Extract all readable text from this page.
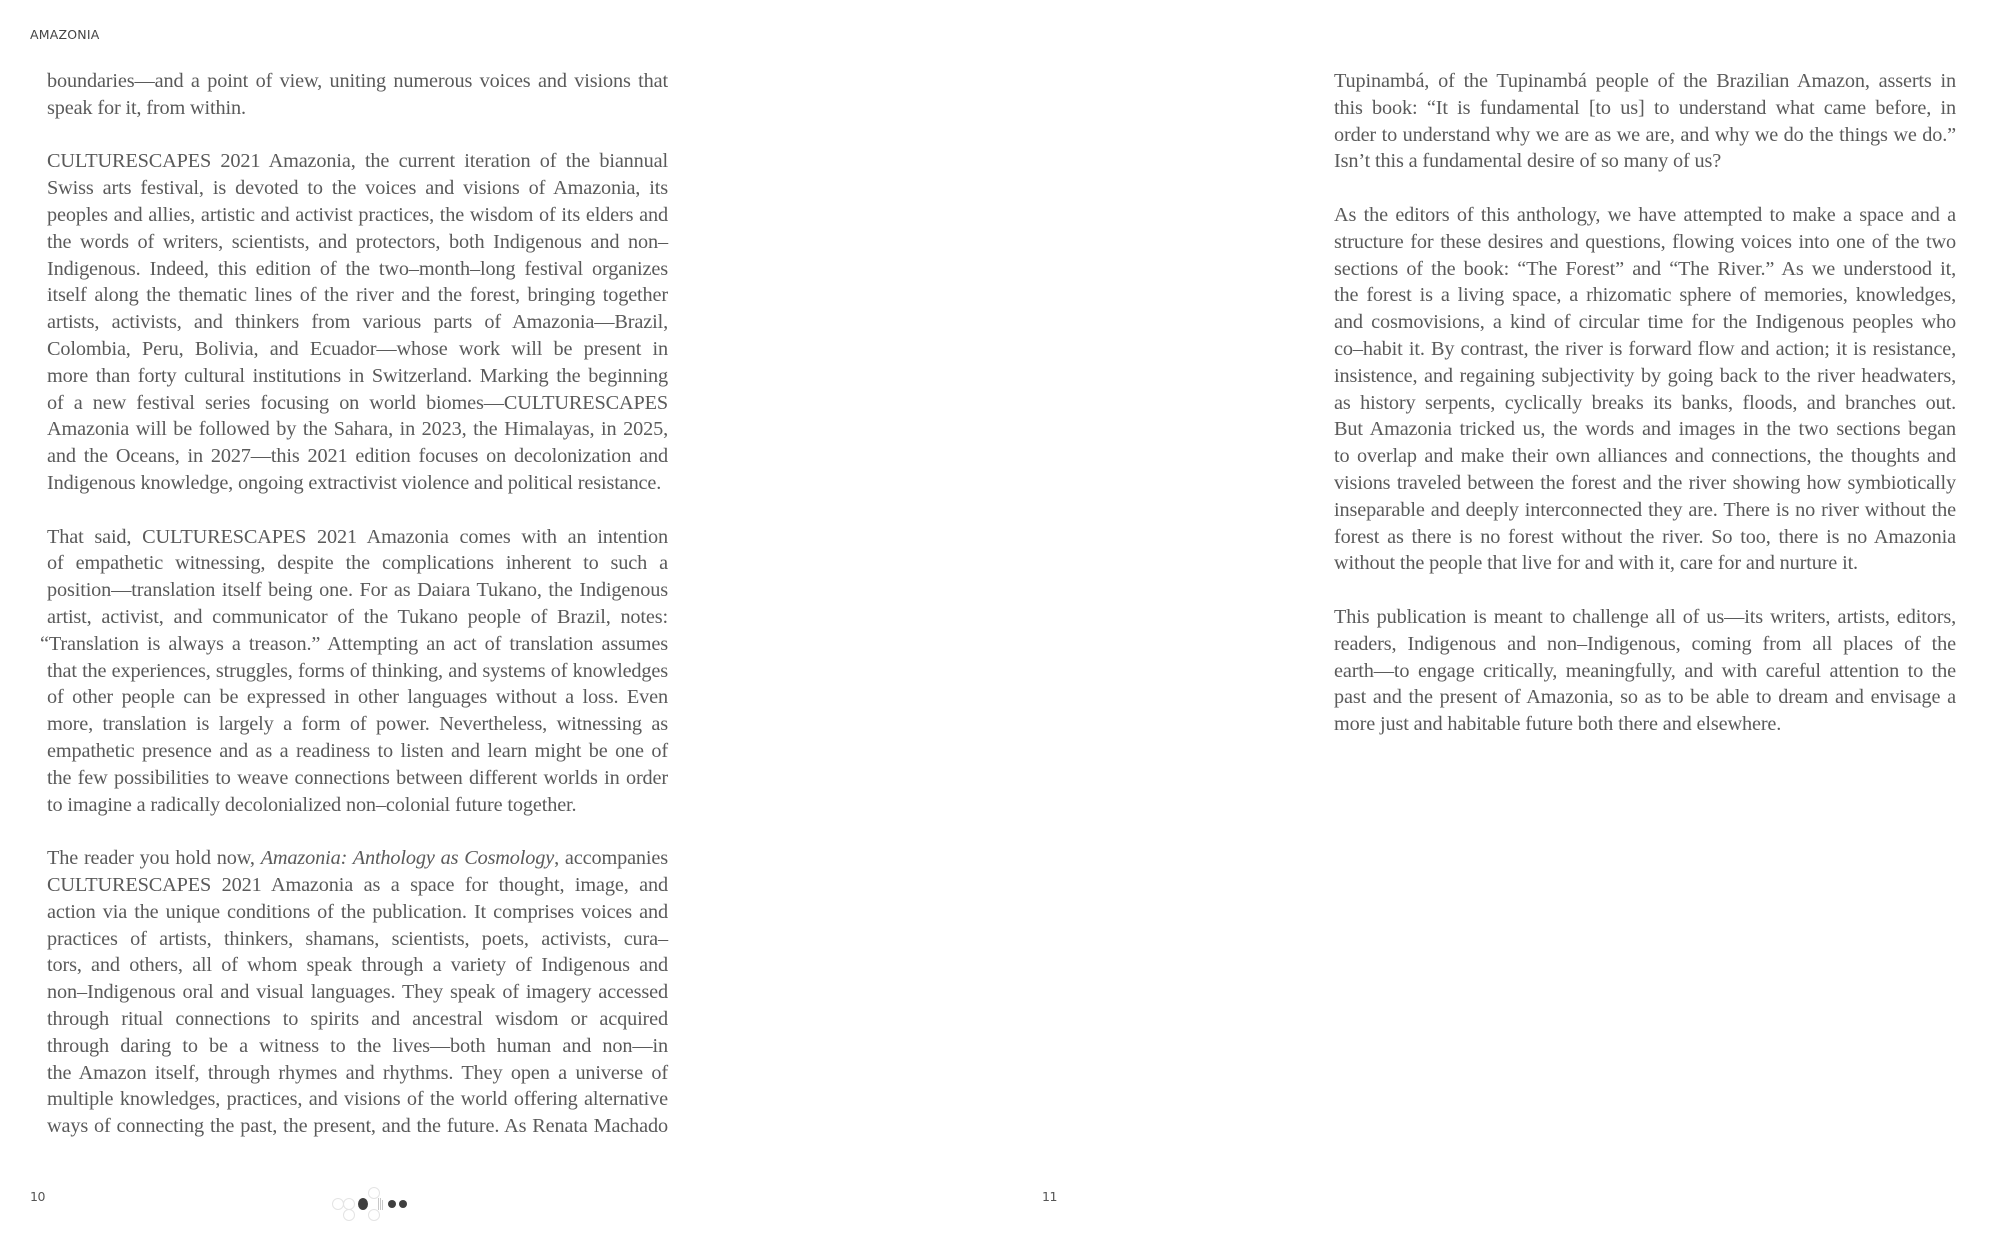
AMAZONIA
boundaries—and a point of view, uniting numerous voices and visions that
speak for it, from within.
CULTURESCAPES 2021 Amazonia, the current iteration of the biannual
Swiss arts festival, is devoted to the voices and visions of Amazonia, its
peoples and allies, artistic and activist practices, the wisdom of its elders and
the words of writers, scientists, and protectors, both Indigenous and non–
Indigenous. Indeed, this edition of the two–month–long festival organizes
itself along the thematic lines of the river and the forest, bringing together
artists, activists, and thinkers from various parts of Amazonia—Brazil,
Colombia, Peru, Bolivia, and Ecuador—whose work will be present in
more than forty cultural institutions in Switzerland. Marking the beginning
of a new festival series focusing on world biomes—CULTURESCAPES
Amazonia will be followed by the Sahara, in 2023, the Himalayas, in 2025,
and the Oceans, in 2027—this 2021 edition focuses on decolonization and
Indigenous knowledge, ongoing extractivist violence and political resistance.
That said, CULTURESCAPES 2021 Amazonia comes with an intention
of empathetic witnessing, despite the complications inherent to such a
position—translation itself being one. For as Daiara Tukano, the Indigenous
artist, activist, and communicator of the Tukano people of Brazil, notes:
“Translation is always a treason.” Attempting an act of translation assumes
that the experiences, struggles, forms of thinking, and systems of knowledges
of other people can be expressed in other languages without a loss. Even
more, translation is largely a form of power. Nevertheless, witnessing as
empathetic presence and as a readiness to listen and learn might be one of
the few possibilities to weave connections between different worlds in order
to imagine a radically decolonialized non–colonial future together.
The reader you hold now, Amazonia: Anthology as Cosmology, accompanies
CULTURESCAPES 2021 Amazonia as a space for thought, image, and
action via the unique conditions of the publication. It comprises voices and
practices of artists, thinkers, shamans, scientists, poets, activists, cura–
tors, and others, all of whom speak through a variety of Indigenous and
non–Indigenous oral and visual languages. They speak of imagery accessed
through ritual connections to spirits and ancestral wisdom or acquired
through daring to be a witness to the lives—both human and non—in
the Amazon itself, through rhymes and rhythms. They open a universe of
multiple knowledges, practices, and visions of the world offering alternative
ways of connecting the past, the present, and the future. As Renata Machado
Tupinambá, of the Tupinambá people of the Brazilian Amazon, asserts in
this book: “It is fundamental [to us] to understand what came before, in
order to understand why we are as we are, and why we do the things we do.”
Isn’t this a fundamental desire of so many of us?
As the editors of this anthology, we have attempted to make a space and a
structure for these desires and questions, flowing voices into one of the two
sections of the book: “The Forest” and “The River.” As we understood it,
the forest is a living space, a rhizomatic sphere of memories, knowledges,
and cosmovisions, a kind of circular time for the Indigenous peoples who
co–habit it. By contrast, the river is forward flow and action; it is resistance,
insistence, and regaining subjectivity by going back to the river headwaters,
as history serpents, cyclically breaks its banks, floods, and branches out.
But Amazonia tricked us, the words and images in the two sections began
to overlap and make their own alliances and connections, the thoughts and
visions traveled between the forest and the river showing how symbiotically
inseparable and deeply interconnected they are. There is no river without the
forest as there is no forest without the river. So too, there is no Amazonia
without the people that live for and with it, care for and nurture it.
This publication is meant to challenge all of us—its writers, artists, editors,
readers, Indigenous and non–Indigenous, coming from all places of the
earth—to engage critically, meaningfully, and with careful attention to the
past and the present of Amazonia, so as to be able to dream and envisage a
more just and habitable future both there and elsewhere.
10	11
